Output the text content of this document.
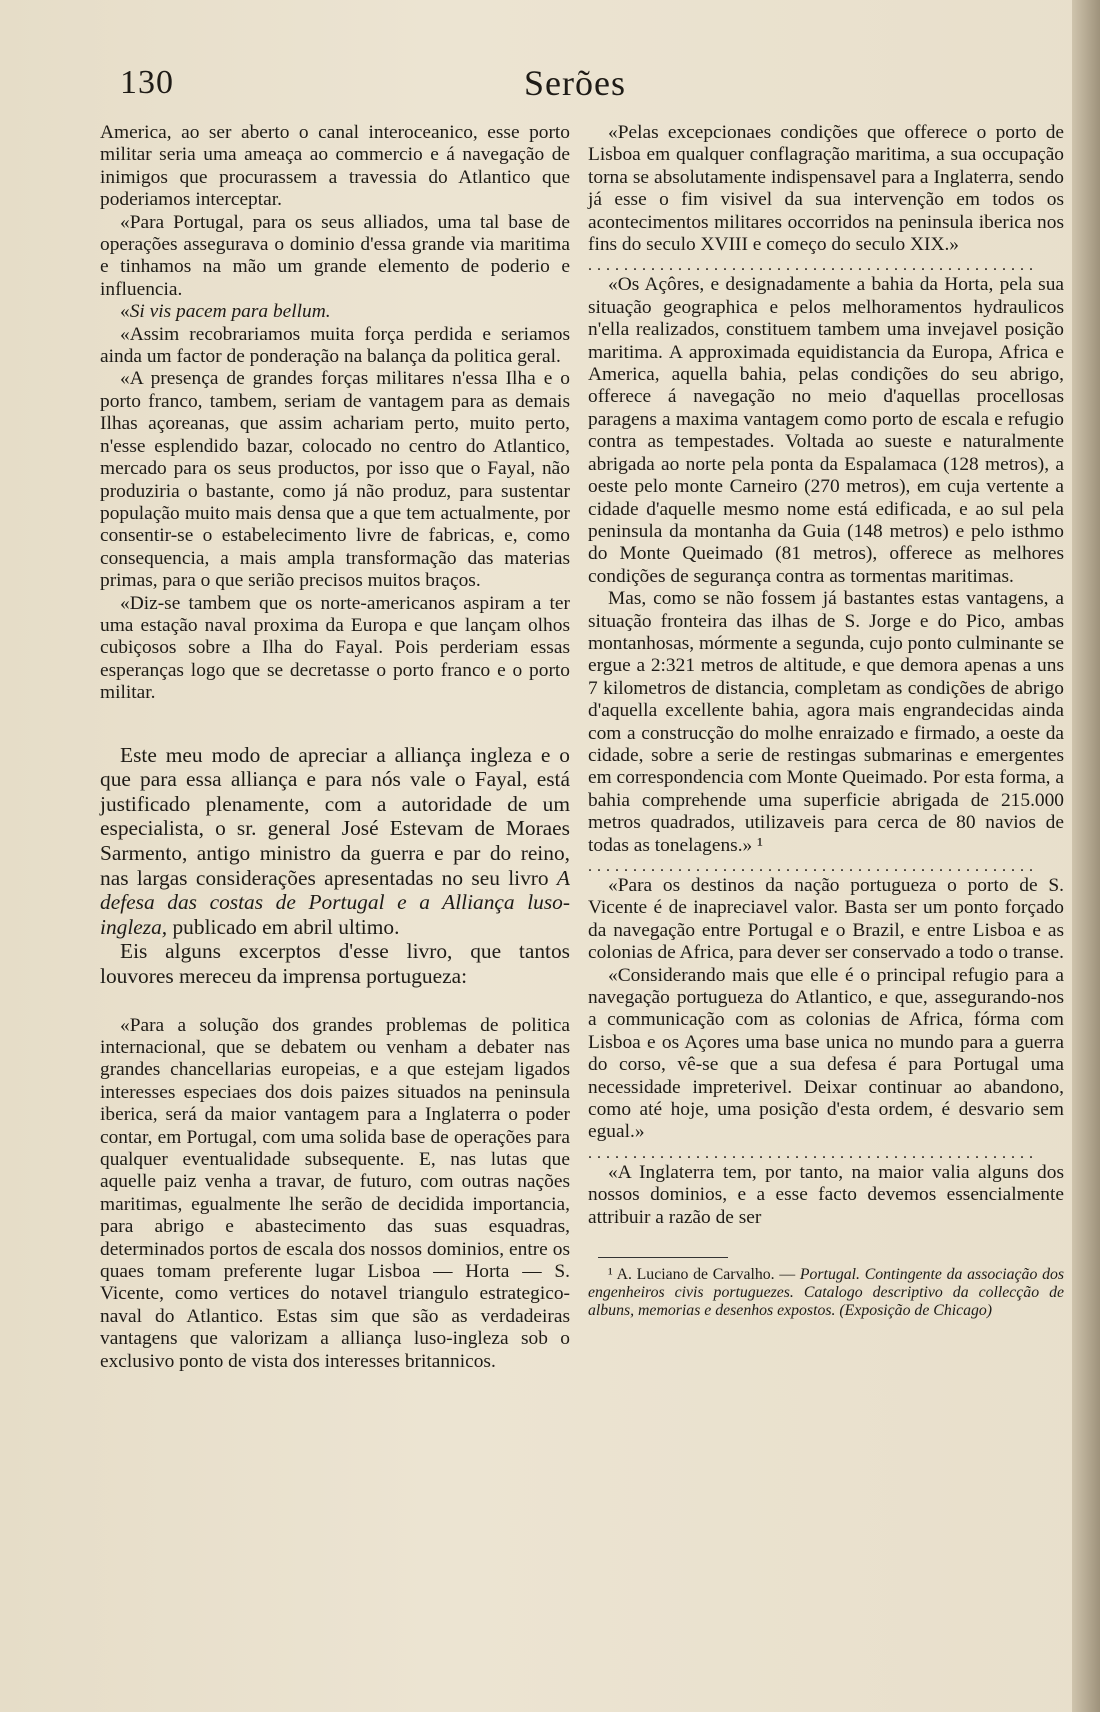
130	Serões

America, ao ser aberto o canal interoceanico, esse porto militar seria uma ameaça ao commercio e á navegação de inimigos que procurassem a travessia do Atlantico que poderiamos interceptar.

«Para Portugal, para os seus alliados, uma tal base de operações assegurava o dominio d'essa grande via maritima e tinhamos na mão um grande elemento de poderio e influencia.

«Si vis pacem para bellum.

«Assim recobrariamos muita força perdida e seriamos ainda um factor de ponderação na balança da politica geral.

«A presença de grandes forças militares n'essa Ilha e o porto franco, tambem, seriam de vantagem para as demais Ilhas açoreanas, que assim achariam perto, muito perto, n'esse esplendido bazar, colocado no centro do Atlantico, mercado para os seus productos, por isso que o Fayal, não produziria o bastante, como já não produz, para sustentar população muito mais densa que a que tem actualmente, por consentir-se o estabelecimento livre de fabricas, e, como consequencia, a mais ampla transformação das materias primas, para o que serião precisos muitos braços.

«Diz-se tambem que os norte-americanos aspiram a ter uma estação naval proxima da Europa e que lançam olhos cubiçosos sobre a Ilha do Fayal. Pois perderiam essas esperanças logo que se decretasse o porto franco e o porto militar.

Este meu modo de apreciar a alliança ingleza e o que para essa alliança e para nós vale o Fayal, está justificado plenamente, com a autoridade de um especialista, o sr. general José Estevam de Moraes Sarmento, antigo ministro da guerra e par do reino, nas largas considerações apresentadas no seu livro A defesa das costas de Portugal e a Alliança luso-ingleza, publicado em abril ultimo.

Eis alguns excerptos d'esse livro, que tantos louvores mereceu da imprensa portugueza:

«Para a solução dos grandes problemas de politica internacional, que se debatem ou venham a debater nas grandes chancellarias europeias, e a que estejam ligados interesses especiaes dos dois paizes situados na peninsula iberica, será da maior vantagem para a Inglaterra o poder contar, em Portugal, com uma solida base de operações para qualquer eventualidade subsequente. E, nas lutas que aquelle paiz venha a travar, de futuro, com outras nações maritimas, egualmente lhe serão de decidida importancia, para abrigo e abastecimento das suas esquadras, determinados portos de escala dos nossos dominios, entre os quaes tomam preferente lugar Lisboa — Horta — S. Vicente, como vertices do notavel triangulo estrategico-naval do Atlantico. Estas sim que são as verdadeiras vantagens que valorizam a alliança luso-ingleza sob o exclusivo ponto de vista dos interesses britannicos.

«Pelas excepcionaes condições que offerece o porto de Lisboa em qualquer conflagração maritima, a sua occupação torna se absolutamente indispensavel para a Inglaterra, sendo já esse o fim visivel da sua intervenção em todos os acontecimentos militares occorridos na peninsula iberica nos fins do seculo XVIII e começo do seculo XIX.»

..................................................

«Os Açôres, e designadamente a bahia da Horta, pela sua situação geographica e pelos melhoramentos hydraulicos n'ella realizados, constituem tambem uma invejavel posição maritima. A approximada equidistancia da Europa, Africa e America, aquella bahia, pelas condições do seu abrigo, offerece á navegação no meio d'aquellas procellosas paragens a maxima vantagem como porto de escala e refugio contra as tempestades. Voltada ao sueste e naturalmente abrigada ao norte pela ponta da Espalamaca (128 metros), a oeste pelo monte Carneiro (270 metros), em cuja vertente a cidade d'aquelle mesmo nome está edificada, e ao sul pela peninsula da montanha da Guia (148 metros) e pelo isthmo do Monte Queimado (81 metros), offerece as melhores condições de segurança contra as tormentas maritimas.

Mas, como se não fossem já bastantes estas vantagens, a situação fronteira das ilhas de S. Jorge e do Pico, ambas montanhosas, mórmente a segunda, cujo ponto culminante se ergue a 2:321 metros de altitude, e que demora apenas a uns 7 kilometros de distancia, completam as condições de abrigo d'aquella excellente bahia, agora mais engrandecidas ainda com a construcção do molhe enraizado e firmado, a oeste da cidade, sobre a serie de restingas submarinas e emergentes em correspondencia com Monte Queimado. Por esta forma, a bahia comprehende uma superficie abrigada de 215.000 metros quadrados, utilizaveis para cerca de 80 navios de todas as tonelagens.» ¹

..................................................

«Para os destinos da nação portugueza o porto de S. Vicente é de inapreciavel valor. Basta ser um ponto forçado da navegação entre Portugal e o Brazil, e entre Lisboa e as colonias de Africa, para dever ser conservado a todo o transe.

«Considerando mais que elle é o principal refugio para a navegação portugueza do Atlantico, e que, assegurando-nos a communicação com as colonias de Africa, fórma com Lisboa e os Açores uma base unica no mundo para a guerra do corso, vê-se que a sua defesa é para Portugal uma necessidade impreterivel. Deixar continuar ao abandono, como até hoje, uma posição d'esta ordem, é desvario sem egual.»

..................................................

«A Inglaterra tem, por tanto, na maior valia alguns dos nossos dominios, e a esse facto devemos essencialmente attribuir a razão de ser

¹ A. Luciano de Carvalho. — Portugal. Contingente da associação dos engenheiros civis portuguezes. Catalogo descriptivo da collecção de albuns, memorias e desenhos expostos. (Exposição de Chicago)
